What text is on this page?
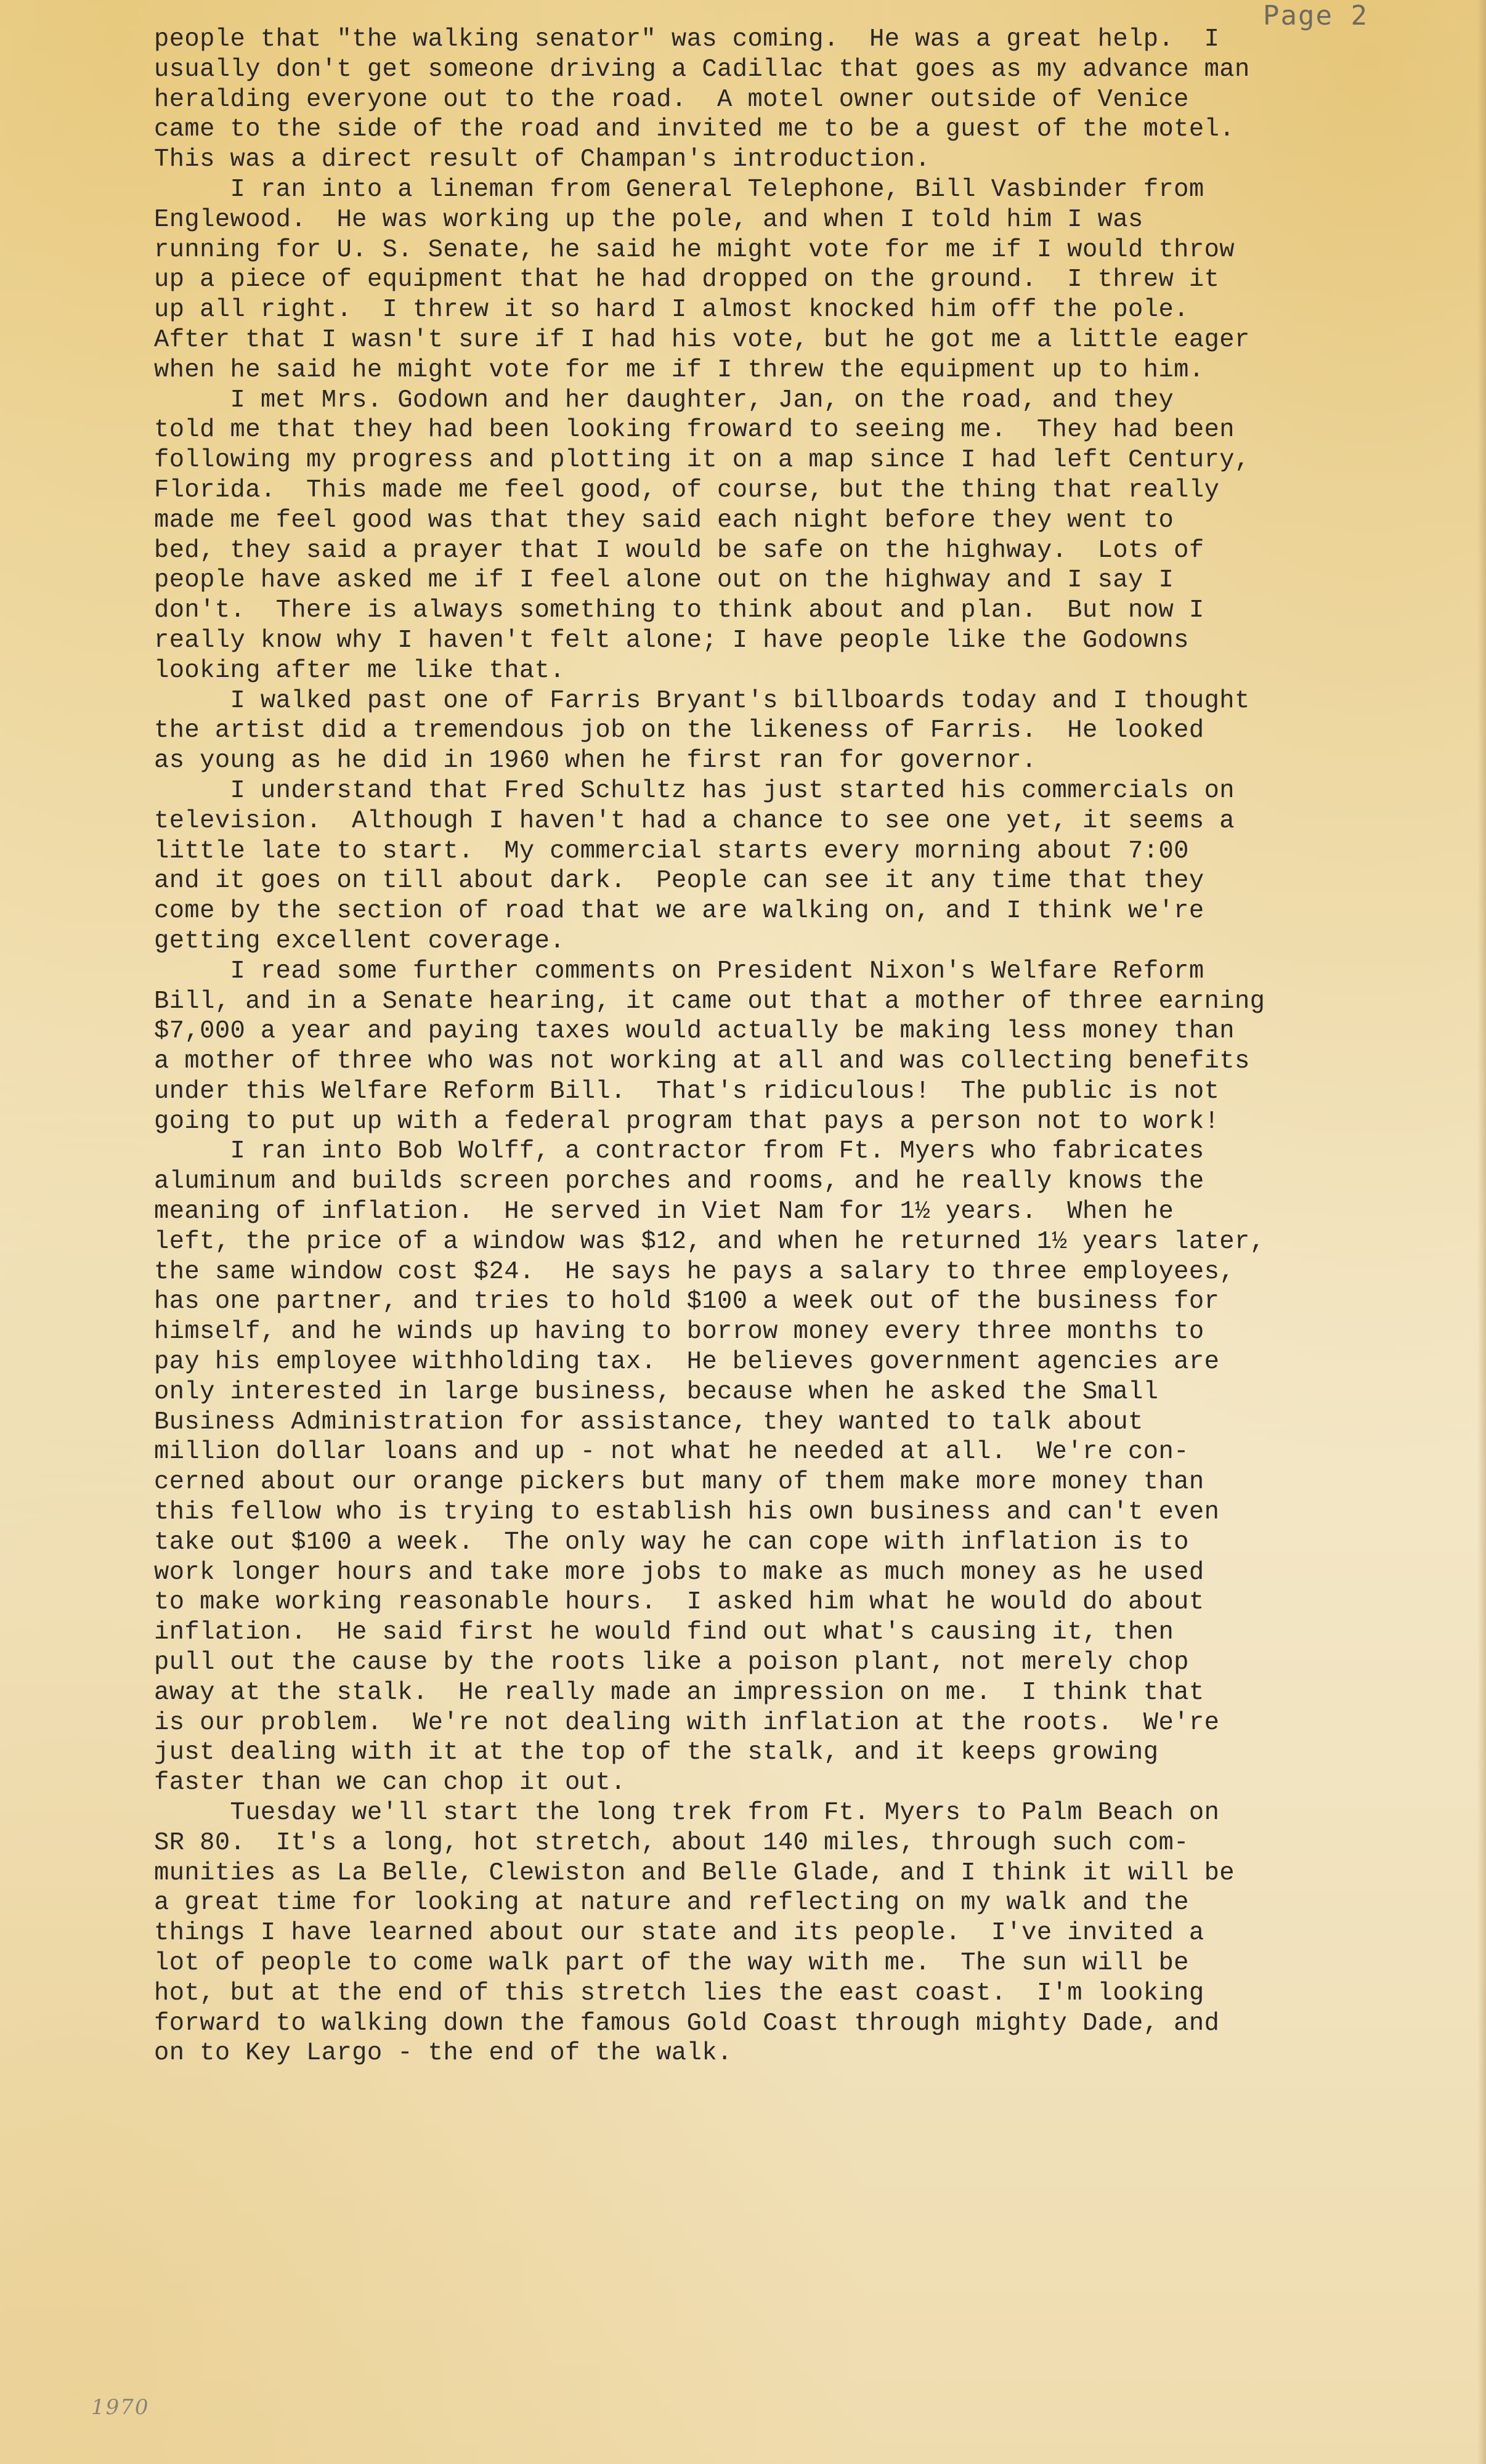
Page 2
people that "the walking senator" was coming.  He was a great help.  I
usually don't get someone driving a Cadillac that goes as my advance man
heralding everyone out to the road.  A motel owner outside of Venice
came to the side of the road and invited me to be a guest of the motel.
This was a direct result of Champan's introduction.
I ran into a lineman from General Telephone, Bill Vasbinder from
Englewood.  He was working up the pole, and when I told him I was
running for U. S. Senate, he said he might vote for me if I would throw
up a piece of equipment that he had dropped on the ground.  I threw it
up all right.  I threw it so hard I almost knocked him off the pole.
After that I wasn't sure if I had his vote, but he got me a little eager
when he said he might vote for me if I threw the equipment up to him.
I met Mrs. Godown and her daughter, Jan, on the road, and they
told me that they had been looking froward to seeing me.  They had been
following my progress and plotting it on a map since I had left Century,
Florida.  This made me feel good, of course, but the thing that really
made me feel good was that they said each night before they went to
bed, they said a prayer that I would be safe on the highway.  Lots of
people have asked me if I feel alone out on the highway and I say I
don't.  There is always something to think about and plan.  But now I
really know why I haven't felt alone; I have people like the Godowns
looking after me like that.
I walked past one of Farris Bryant's billboards today and I thought
the artist did a tremendous job on the likeness of Farris.  He looked
as young as he did in 1960 when he first ran for governor.
I understand that Fred Schultz has just started his commercials on
television.  Although I haven't had a chance to see one yet, it seems a
little late to start.  My commercial starts every morning about 7:00
and it goes on till about dark.  People can see it any time that they
come by the section of road that we are walking on, and I think we're
getting excellent coverage.
I read some further comments on President Nixon's Welfare Reform
Bill, and in a Senate hearing, it came out that a mother of three earning
$7,000 a year and paying taxes would actually be making less money than
a mother of three who was not working at all and was collecting benefits
under this Welfare Reform Bill.  That's ridiculous!  The public is not
going to put up with a federal program that pays a person not to work!
I ran into Bob Wolff, a contractor from Ft. Myers who fabricates
aluminum and builds screen porches and rooms, and he really knows the
meaning of inflation.  He served in Viet Nam for 1½ years.  When he
left, the price of a window was $12, and when he returned 1½ years later,
the same window cost $24.  He says he pays a salary to three employees,
has one partner, and tries to hold $100 a week out of the business for
himself, and he winds up having to borrow money every three months to
pay his employee withholding tax.  He believes government agencies are
only interested in large business, because when he asked the Small
Business Administration for assistance, they wanted to talk about
million dollar loans and up - not what he needed at all.  We're con-
cerned about our orange pickers but many of them make more money than
this fellow who is trying to establish his own business and can't even
take out $100 a week.  The only way he can cope with inflation is to
work longer hours and take more jobs to make as much money as he used
to make working reasonable hours.  I asked him what he would do about
inflation.  He said first he would find out what's causing it, then
pull out the cause by the roots like a poison plant, not merely chop
away at the stalk.  He really made an impression on me.  I think that
is our problem.  We're not dealing with inflation at the roots.  We're
just dealing with it at the top of the stalk, and it keeps growing
faster than we can chop it out.
Tuesday we'll start the long trek from Ft. Myers to Palm Beach on
SR 80.  It's a long, hot stretch, about 140 miles, through such com-
munities as La Belle, Clewiston and Belle Glade, and I think it will be
a great time for looking at nature and reflecting on my walk and the
things I have learned about our state and its people.  I've invited a
lot of people to come walk part of the way with me.  The sun will be
hot, but at the end of this stretch lies the east coast.  I'm looking
forward to walking down the famous Gold Coast through mighty Dade, and
on to Key Largo - the end of the walk.

1970
